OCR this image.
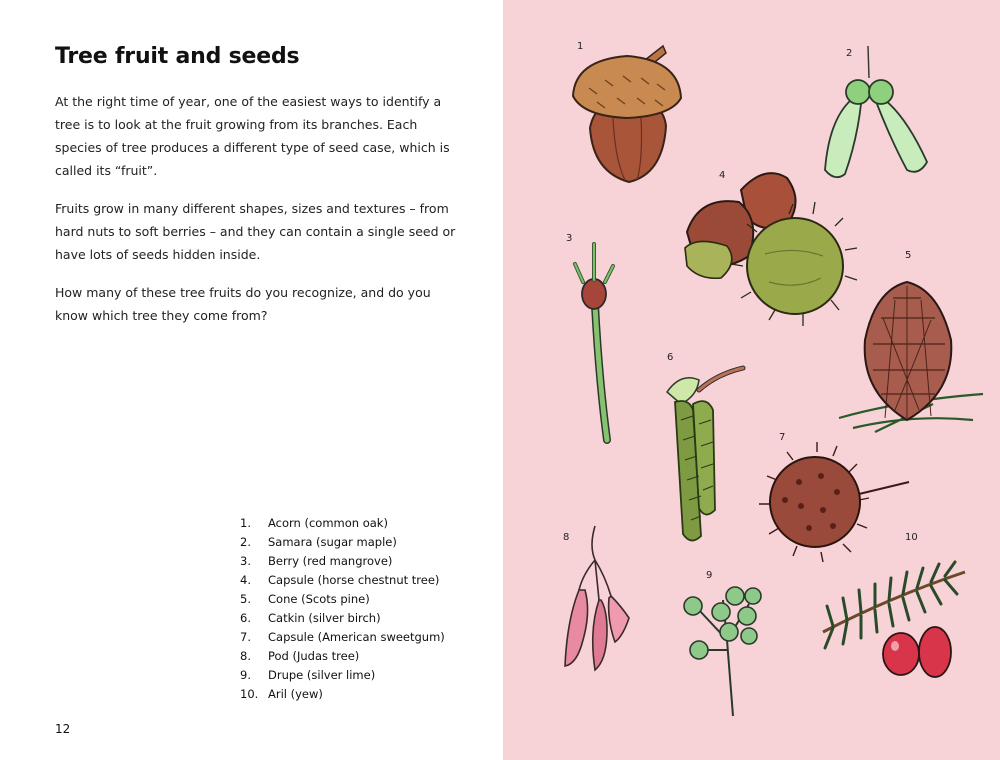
Tree fruit and seeds

At the right time of year, one of the easiest ways to identify a tree is to look at the fruit growing from its branches. Each species of tree produces a different type of seed case, which is called its “fruit”.

Fruits grow in many different shapes, sizes and textures – from hard nuts to soft berries – and they can contain a single seed or have lots of seeds hidden inside.

How many of these tree fruits do you recognize, and do you know which tree they come from?

1.	Acorn (common oak)
2.	Samara (sugar maple)
3.	Berry (red mangrove)
4.	Capsule (horse chestnut tree)
5.	Cone (Scots pine)
6.	Catkin (silver birch)
7.	Capsule (American sweetgum)
8.	Pod (Judas tree)
9.	Drupe (silver lime)
10. Aril (yew)
12
1
2
3
4
5
6
7
8
9
10
